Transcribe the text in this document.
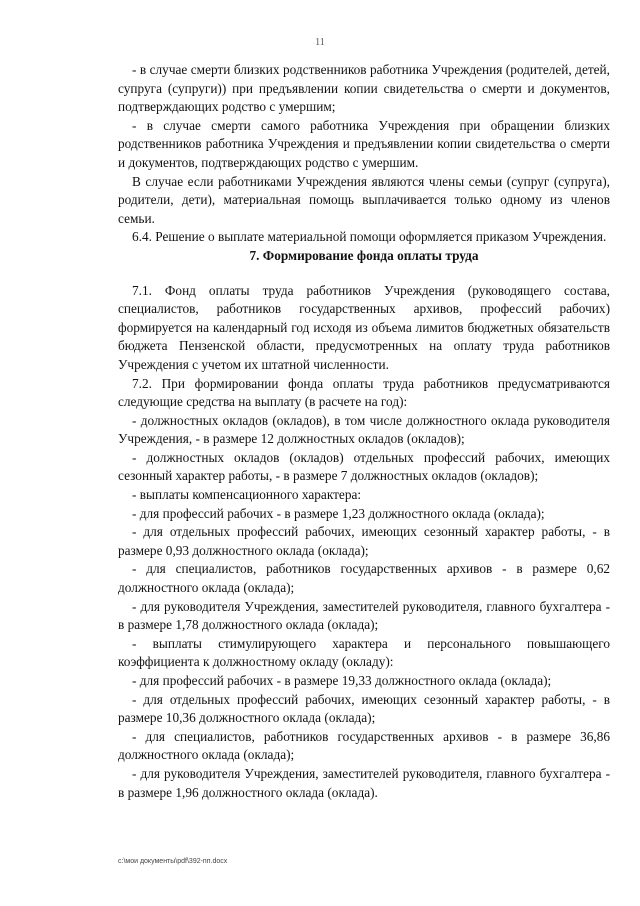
11

- в случае смерти близких родственников работника Учреждения (родителей, детей, супруга (супруги)) при предъявлении копии свидетельства о смерти и документов, подтверждающих родство с умершим;

- в случае смерти самого работника Учреждения при обращении близких родственников работника Учреждения и предъявлении копии свидетельства о смерти и документов, подтверждающих родство с умершим.

В случае если работниками Учреждения являются члены семьи (супруг (супруга), родители, дети), материальная помощь выплачивается только одному из членов семьи.

6.4. Решение о выплате материальной помощи оформляется приказом Учреждения.

7. Формирование фонда оплаты труда

7.1. Фонд оплаты труда работников Учреждения (руководящего состава, специалистов, работников государственных архивов, профессий рабочих) формируется на календарный год исходя из объема лимитов бюджетных обязательств бюджета Пензенской области, предусмотренных на оплату труда работников Учреждения с учетом их штатной численности.

7.2. При формировании фонда оплаты труда работников предусматриваются следующие средства на выплату (в расчете на год):

- должностных окладов (окладов), в том числе должностного оклада руководителя Учреждения, - в размере 12 должностных окладов (окладов);

- должностных окладов (окладов) отдельных профессий рабочих, имеющих сезонный характер работы, - в размере 7 должностных окладов (окладов);

- выплаты компенсационного характера:

- для профессий рабочих - в размере 1,23 должностного оклада (оклада);

- для отдельных профессий рабочих, имеющих сезонный характер работы, - в размере 0,93 должностного оклада (оклада);

- для специалистов, работников государственных архивов - в размере 0,62 должностного оклада (оклада);

- для руководителя Учреждения, заместителей руководителя, главного бухгалтера - в размере 1,78 должностного оклада (оклада);

- выплаты стимулирующего характера и персонального повышающего коэффициента к должностному окладу (окладу):

- для профессий рабочих - в размере 19,33 должностного оклада (оклада);

- для отдельных профессий рабочих, имеющих сезонный характер работы, - в размере 10,36 должностного оклада (оклада);

- для специалистов, работников государственных архивов - в размере 36,86 должностного оклада (оклада);

- для руководителя Учреждения, заместителей руководителя, главного бухгалтера - в размере 1,96 должностного оклада (оклада).

c:\мои документы\pdf\392-пп.docx
